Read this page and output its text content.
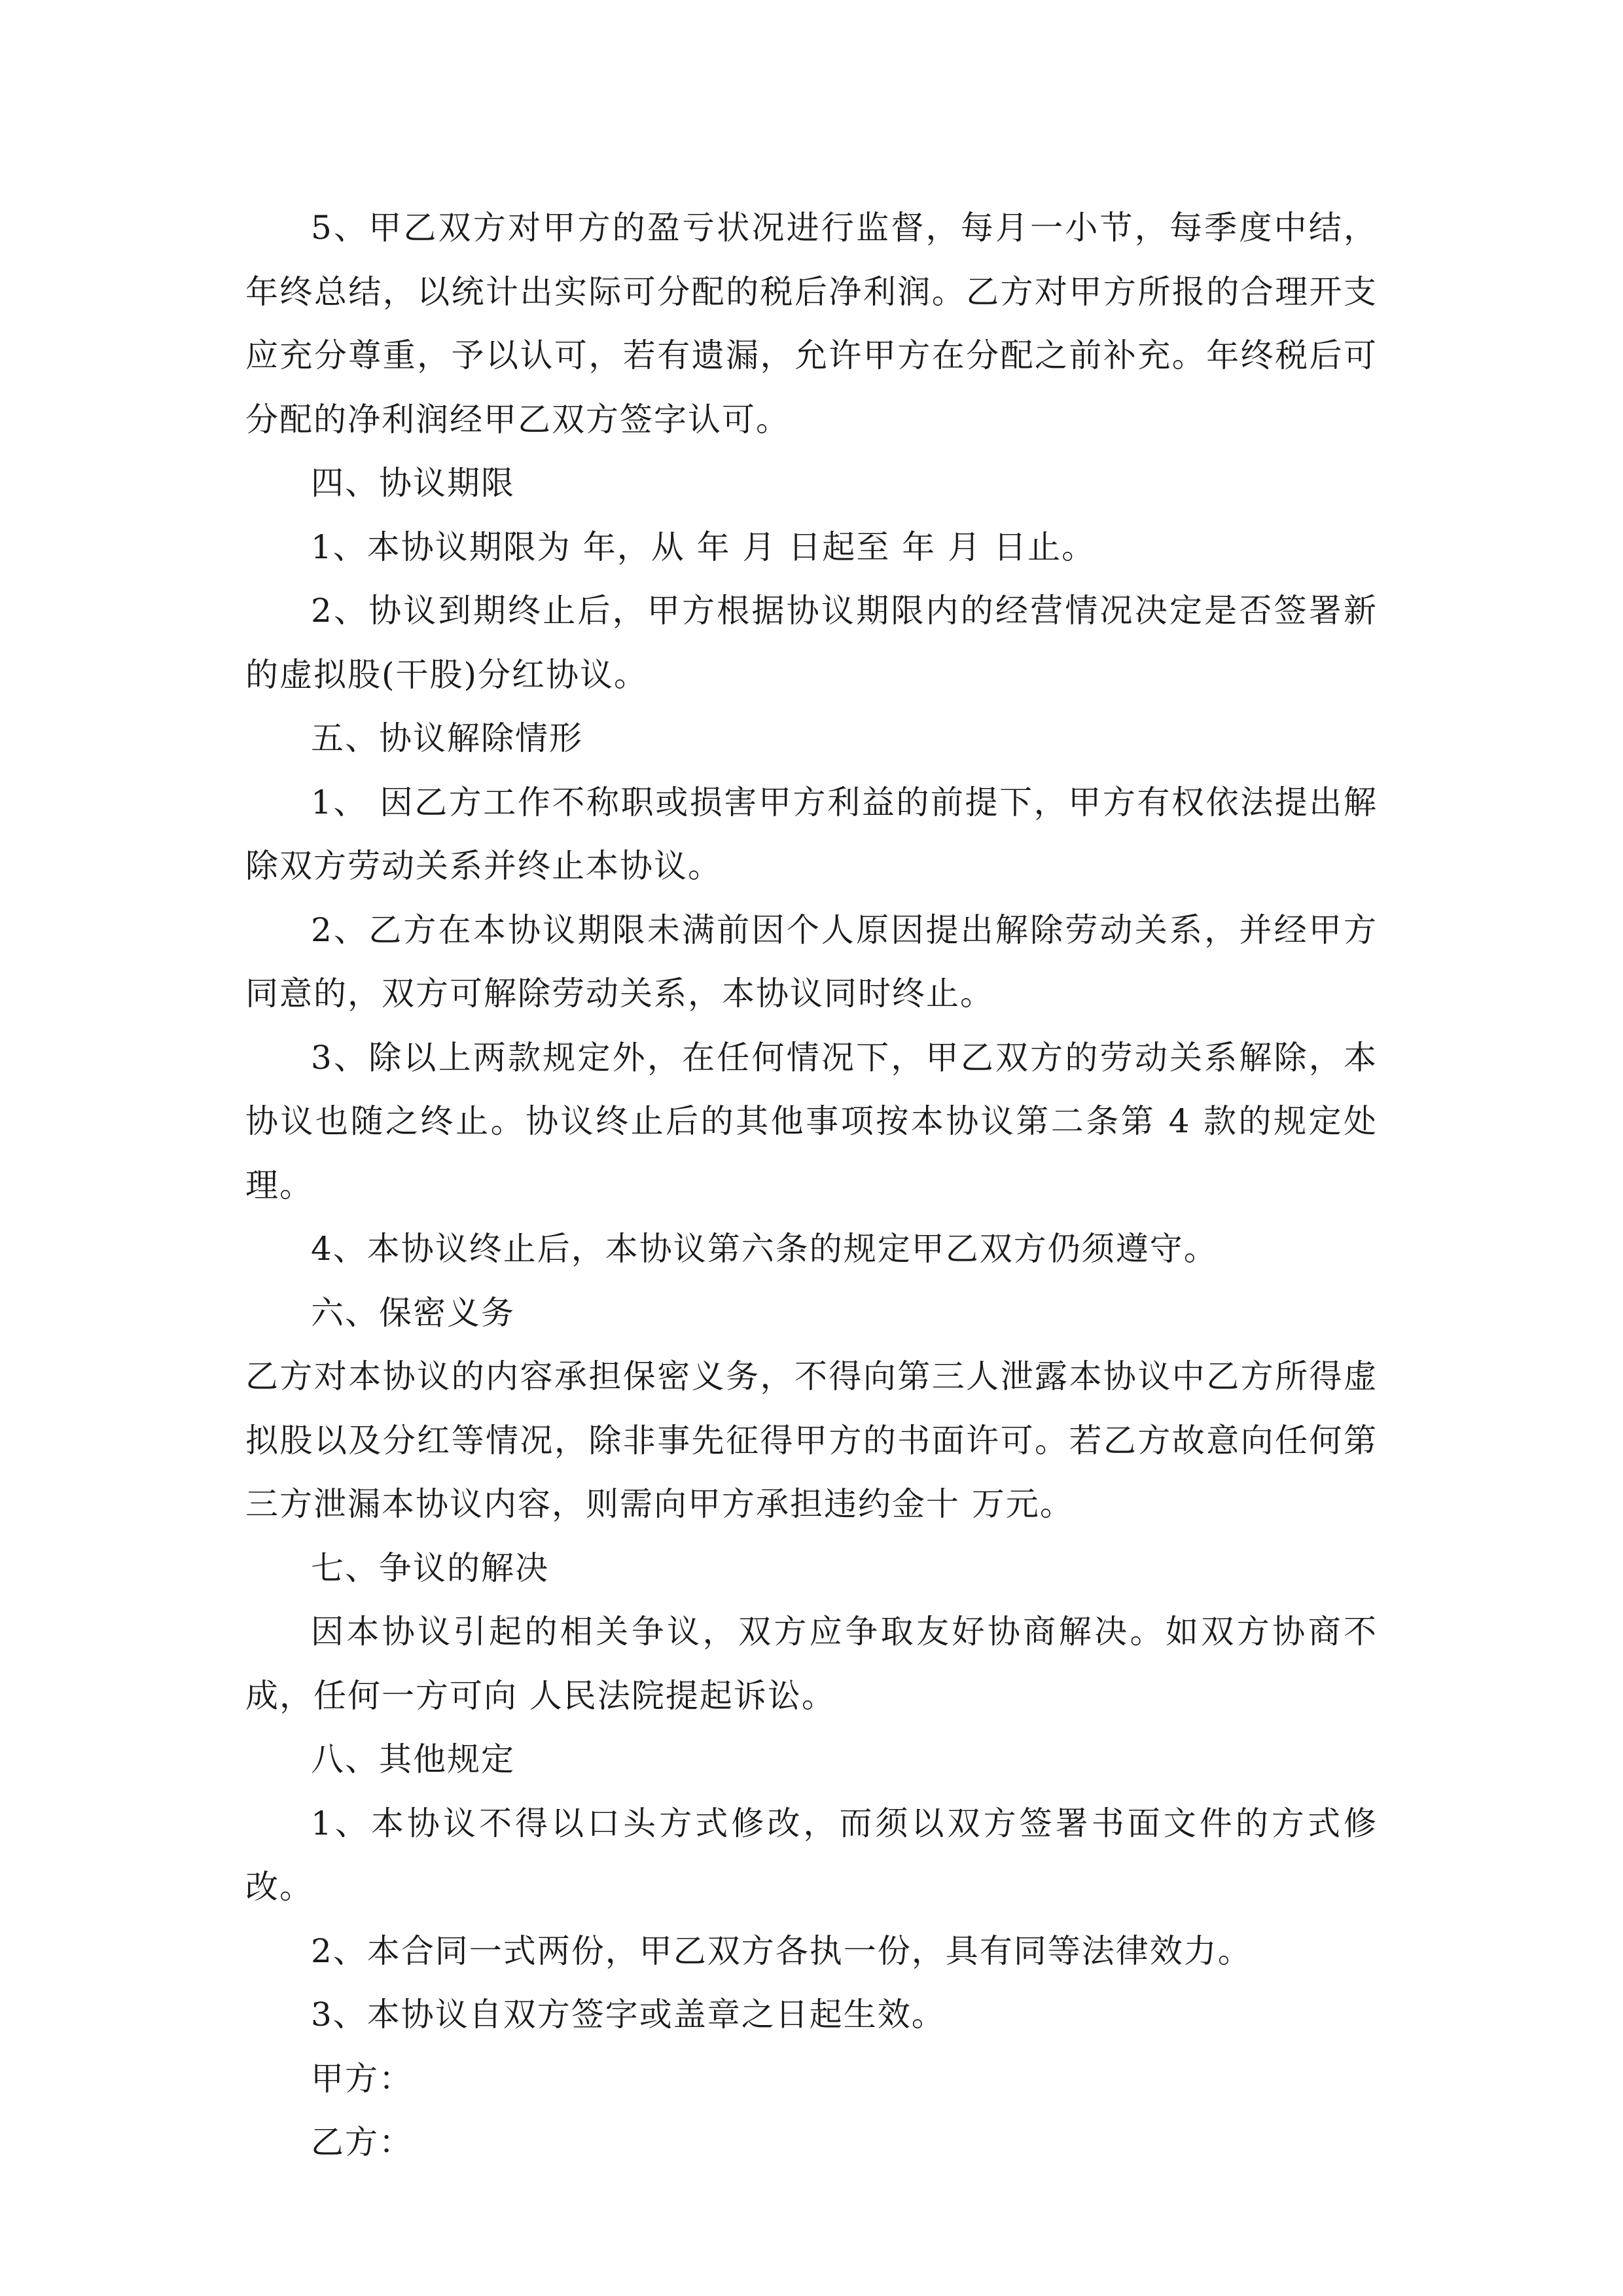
5、甲乙双方对甲方的盈亏状况进行监督，每月一小节，每季度中结，年终总结，以统计出实际可分配的税后净利润。乙方对甲方所报的合理开支应充分尊重，予以认可，若有遗漏，允许甲方在分配之前补充。年终税后可分配的净利润经甲乙双方签字认可。

四、协议期限

1、本协议期限为 年，从 年 月 日起至 年 月 日止。

2、协议到期终止后，甲方根据协议期限内的经营情况决定是否签署新的虚拟股(干股)分红协议。

五、协议解除情形

1、 因乙方工作不称职或损害甲方利益的前提下，甲方有权依法提出解除双方劳动关系并终止本协议。

2、乙方在本协议期限未满前因个人原因提出解除劳动关系，并经甲方同意的，双方可解除劳动关系，本协议同时终止。

3、除以上两款规定外，在任何情况下，甲乙双方的劳动关系解除，本协议也随之终止。协议终止后的其他事项按本协议第二条第 4 款的规定处理。

4、本协议终止后，本协议第六条的规定甲乙双方仍须遵守。

六、保密义务

乙方对本协议的内容承担保密义务，不得向第三人泄露本协议中乙方所得虚拟股以及分红等情况，除非事先征得甲方的书面许可。若乙方故意向任何第三方泄漏本协议内容，则需向甲方承担违约金十 万元。

七、争议的解决

因本协议引起的相关争议，双方应争取友好协商解决。如双方协商不成，任何一方可向 人民法院提起诉讼。

八、其他规定

1、本协议不得以口头方式修改，而须以双方签署书面文件的方式修改。

2、本合同一式两份，甲乙双方各执一份，具有同等法律效力。

3、本协议自双方签字或盖章之日起生效。

甲方：

乙方：
